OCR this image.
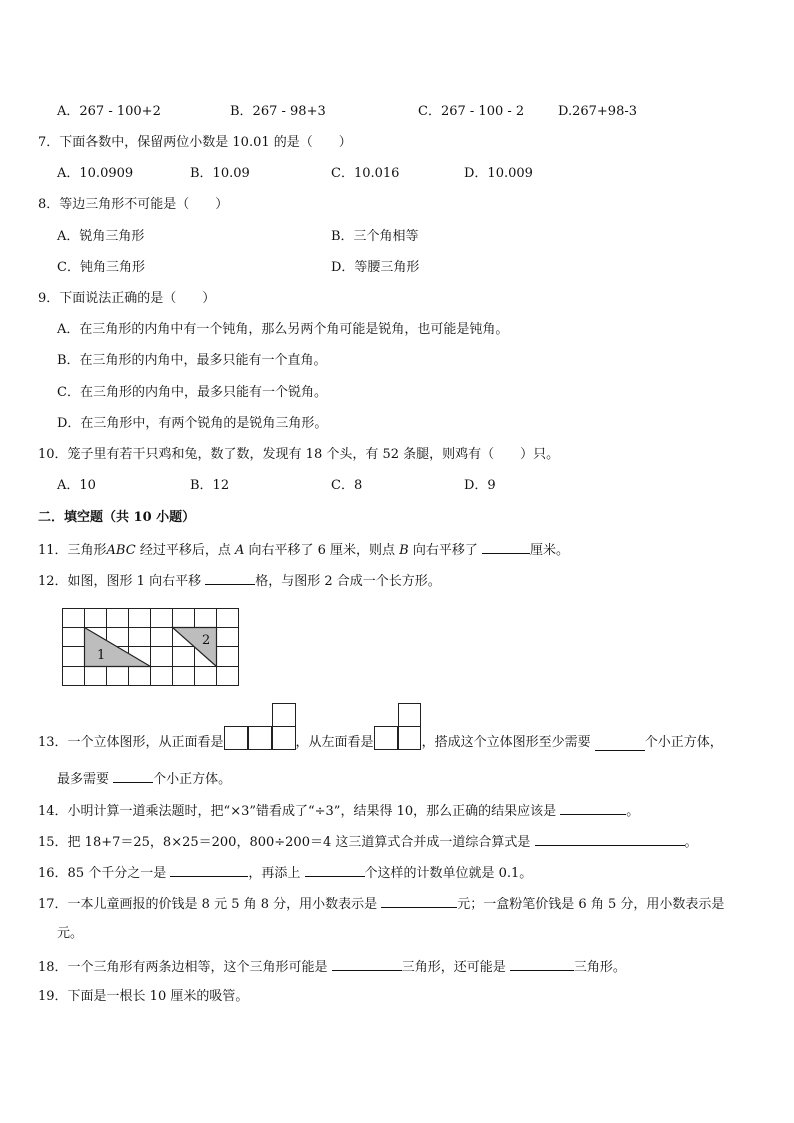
A．267 - 100+2	B．267 - 98+3	C．267 - 100 - 2	D.267+98-3
7．下面各数中，保留两位小数是 10.01 的是（　　）
A．10.0909	B．10.09	C．10.016	D．10.009
8．等边三角形不可能是（　　）
A．锐角三角形	B．三个角相等
C．钝角三角形	D．等腰三角形
9．下面说法正确的是（　　）
A．在三角形的内角中有一个钝角，那么另两个角可能是锐角，也可能是钝角。
B．在三角形的内角中，最多只能有一个直角。
C．在三角形的内角中，最多只能有一个锐角。
D．在三角形中，有两个锐角的是锐角三角形。
10．笼子里有若干只鸡和兔，数了数，发现有 18 个头，有 52 条腿，则鸡有（　　）只。
A．10	B．12	C．8	D．9
二．填空题（共 10 小题）
11．三角形ABC 经过平移后，点 A 向右平移了 6 厘米，则点 B 向右平移了	厘米。
12．如图，图形 1 向右平移	格，与图形 2 合成一个长方形。
1
2
13．一个立体图形，从正面看是	，从左面看是	，搭成这个立体图形至少需要	个小正方体，
最多需要	个小正方体。
14．小明计算一道乘法题时，把“×3”错看成了“÷3”，结果得 10，那么正确的结果应该是	。
15．把 18+7＝25，8×25＝200，800÷200＝4 这三道算式合并成一道综合算式是	。
16．85 个千分之一是	，再添上	个这样的计数单位就是 0.1。
17．一本儿童画报的价钱是 8 元 5 角 8 分，用小数表示是	元；一盒粉笔价钱是 6 角 5 分，用小数表示是
元。
18．一个三角形有两条边相等，这个三角形可能是	三角形，还可能是	三角形。
19．下面是一根长 10 厘米的吸管。
